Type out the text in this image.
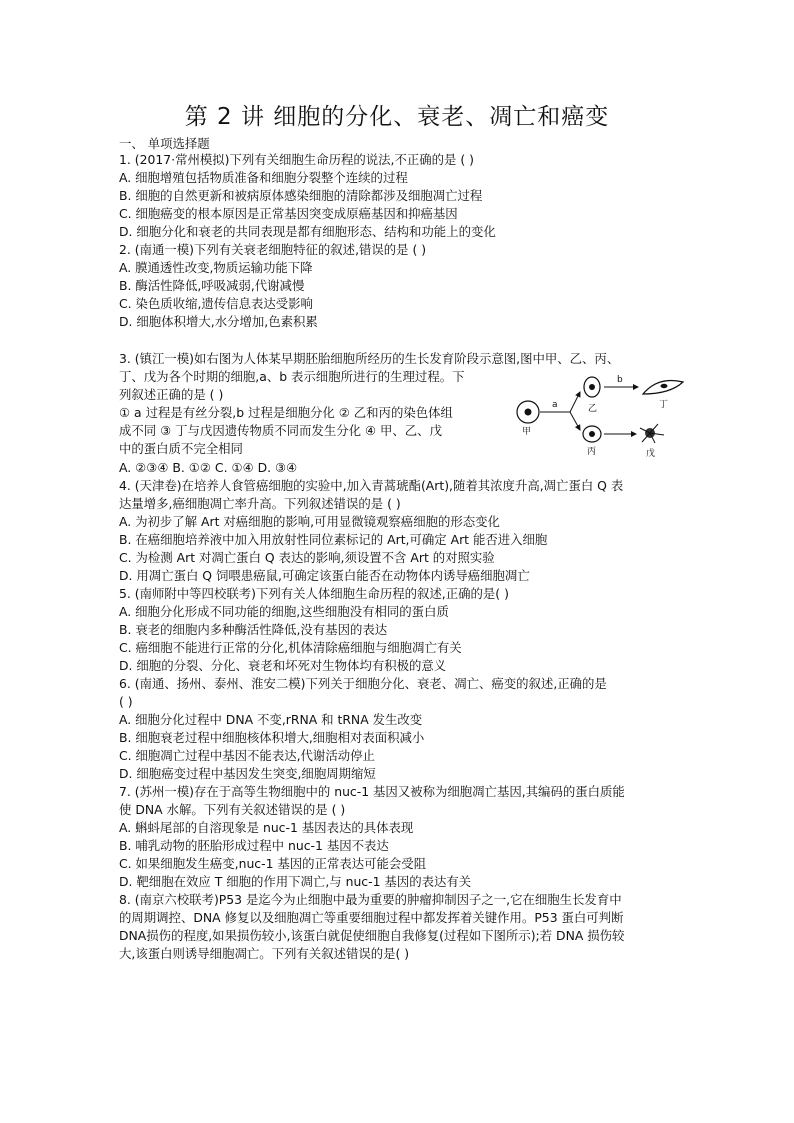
第 2 讲 细胞的分化、衰老、凋亡和癌变
一、 单项选择题
1. (2017·常州模拟)下列有关细胞生命历程的说法,不正确的是 ( )
A. 细胞增殖包括物质准备和细胞分裂整个连续的过程
B. 细胞的自然更新和被病原体感染细胞的清除都涉及细胞凋亡过程
C. 细胞癌变的根本原因是正常基因突变成原癌基因和抑癌基因
D. 细胞分化和衰老的共同表现是都有细胞形态、结构和功能上的变化
2. (南通一模)下列有关衰老细胞特征的叙述,错误的是 ( )
A. 膜通透性改变,物质运输功能下降
B. 酶活性降低,呼吸减弱,代谢减慢
C. 染色质收缩,遗传信息表达受影响
D. 细胞体积增大,水分增加,色素积累
3. (镇江一模)如右图为人体某早期胚胎细胞所经历的生长发育阶段示意图,图中甲、乙、丙、
丁、戊为各个时期的细胞,a、b 表示细胞所进行的生理过程。下
列叙述正确的是 ( )
① a 过程是有丝分裂,b 过程是细胞分化 ② 乙和丙的染色体组
成不同 ③ 丁与戊因遗传物质不同而发生分化 ④ 甲、乙、戊
中的蛋白质不完全相同
A. ②③④ B. ①② C. ①④ D. ③④
甲
a	乙
b
丁
丙	戊
4. (天津卷)在培养人食管癌细胞的实验中,加入青蒿琥酯(Art),随着其浓度升高,凋亡蛋白 Q 表
达量增多,癌细胞凋亡率升高。下列叙述错误的是 ( )
A. 为初步了解 Art 对癌细胞的影响,可用显微镜观察癌细胞的形态变化
B. 在癌细胞培养液中加入用放射性同位素标记的 Art,可确定 Art 能否进入细胞
C. 为检测 Art 对凋亡蛋白 Q 表达的影响,须设置不含 Art 的对照实验
D. 用凋亡蛋白 Q 饲喂患癌鼠,可确定该蛋白能否在动物体内诱导癌细胞凋亡
5. (南师附中等四校联考)下列有关人体细胞生命历程的叙述,正确的是( )
A. 细胞分化形成不同功能的细胞,这些细胞没有相同的蛋白质
B. 衰老的细胞内多种酶活性降低,没有基因的表达
C. 癌细胞不能进行正常的分化,机体清除癌细胞与细胞凋亡有关
D. 细胞的分裂、分化、衰老和坏死对生物体均有积极的意义
6. (南通、扬州、泰州、淮安二模)下列关于细胞分化、衰老、凋亡、癌变的叙述,正确的是
( )
A. 细胞分化过程中 DNA 不变,rRNA 和 tRNA 发生改变
B. 细胞衰老过程中细胞核体积增大,细胞相对表面积减小
C. 细胞凋亡过程中基因不能表达,代谢活动停止
D. 细胞癌变过程中基因发生突变,细胞周期缩短
7. (苏州一模)存在于高等生物细胞中的 nuc-1 基因又被称为细胞凋亡基因,其编码的蛋白质能
使 DNA 水解。下列有关叙述错误的是 ( )
A. 蝌蚪尾部的自溶现象是 nuc-1 基因表达的具体表现
B. 哺乳动物的胚胎形成过程中 nuc-1 基因不表达
C. 如果细胞发生癌变,nuc-1 基因的正常表达可能会受阻
D. 靶细胞在效应 T 细胞的作用下凋亡,与 nuc-1 基因的表达有关
8. (南京六校联考)P53 是迄今为止细胞中最为重要的肿瘤抑制因子之一,它在细胞生长发育中
的周期调控、DNA 修复以及细胞凋亡等重要细胞过程中都发挥着关键作用。P53 蛋白可判断
DNA损伤的程度,如果损伤较小,该蛋白就促使细胞自我修复(过程如下图所示);若 DNA 损伤较
大,该蛋白则诱导细胞凋亡。下列有关叙述错误的是( )
